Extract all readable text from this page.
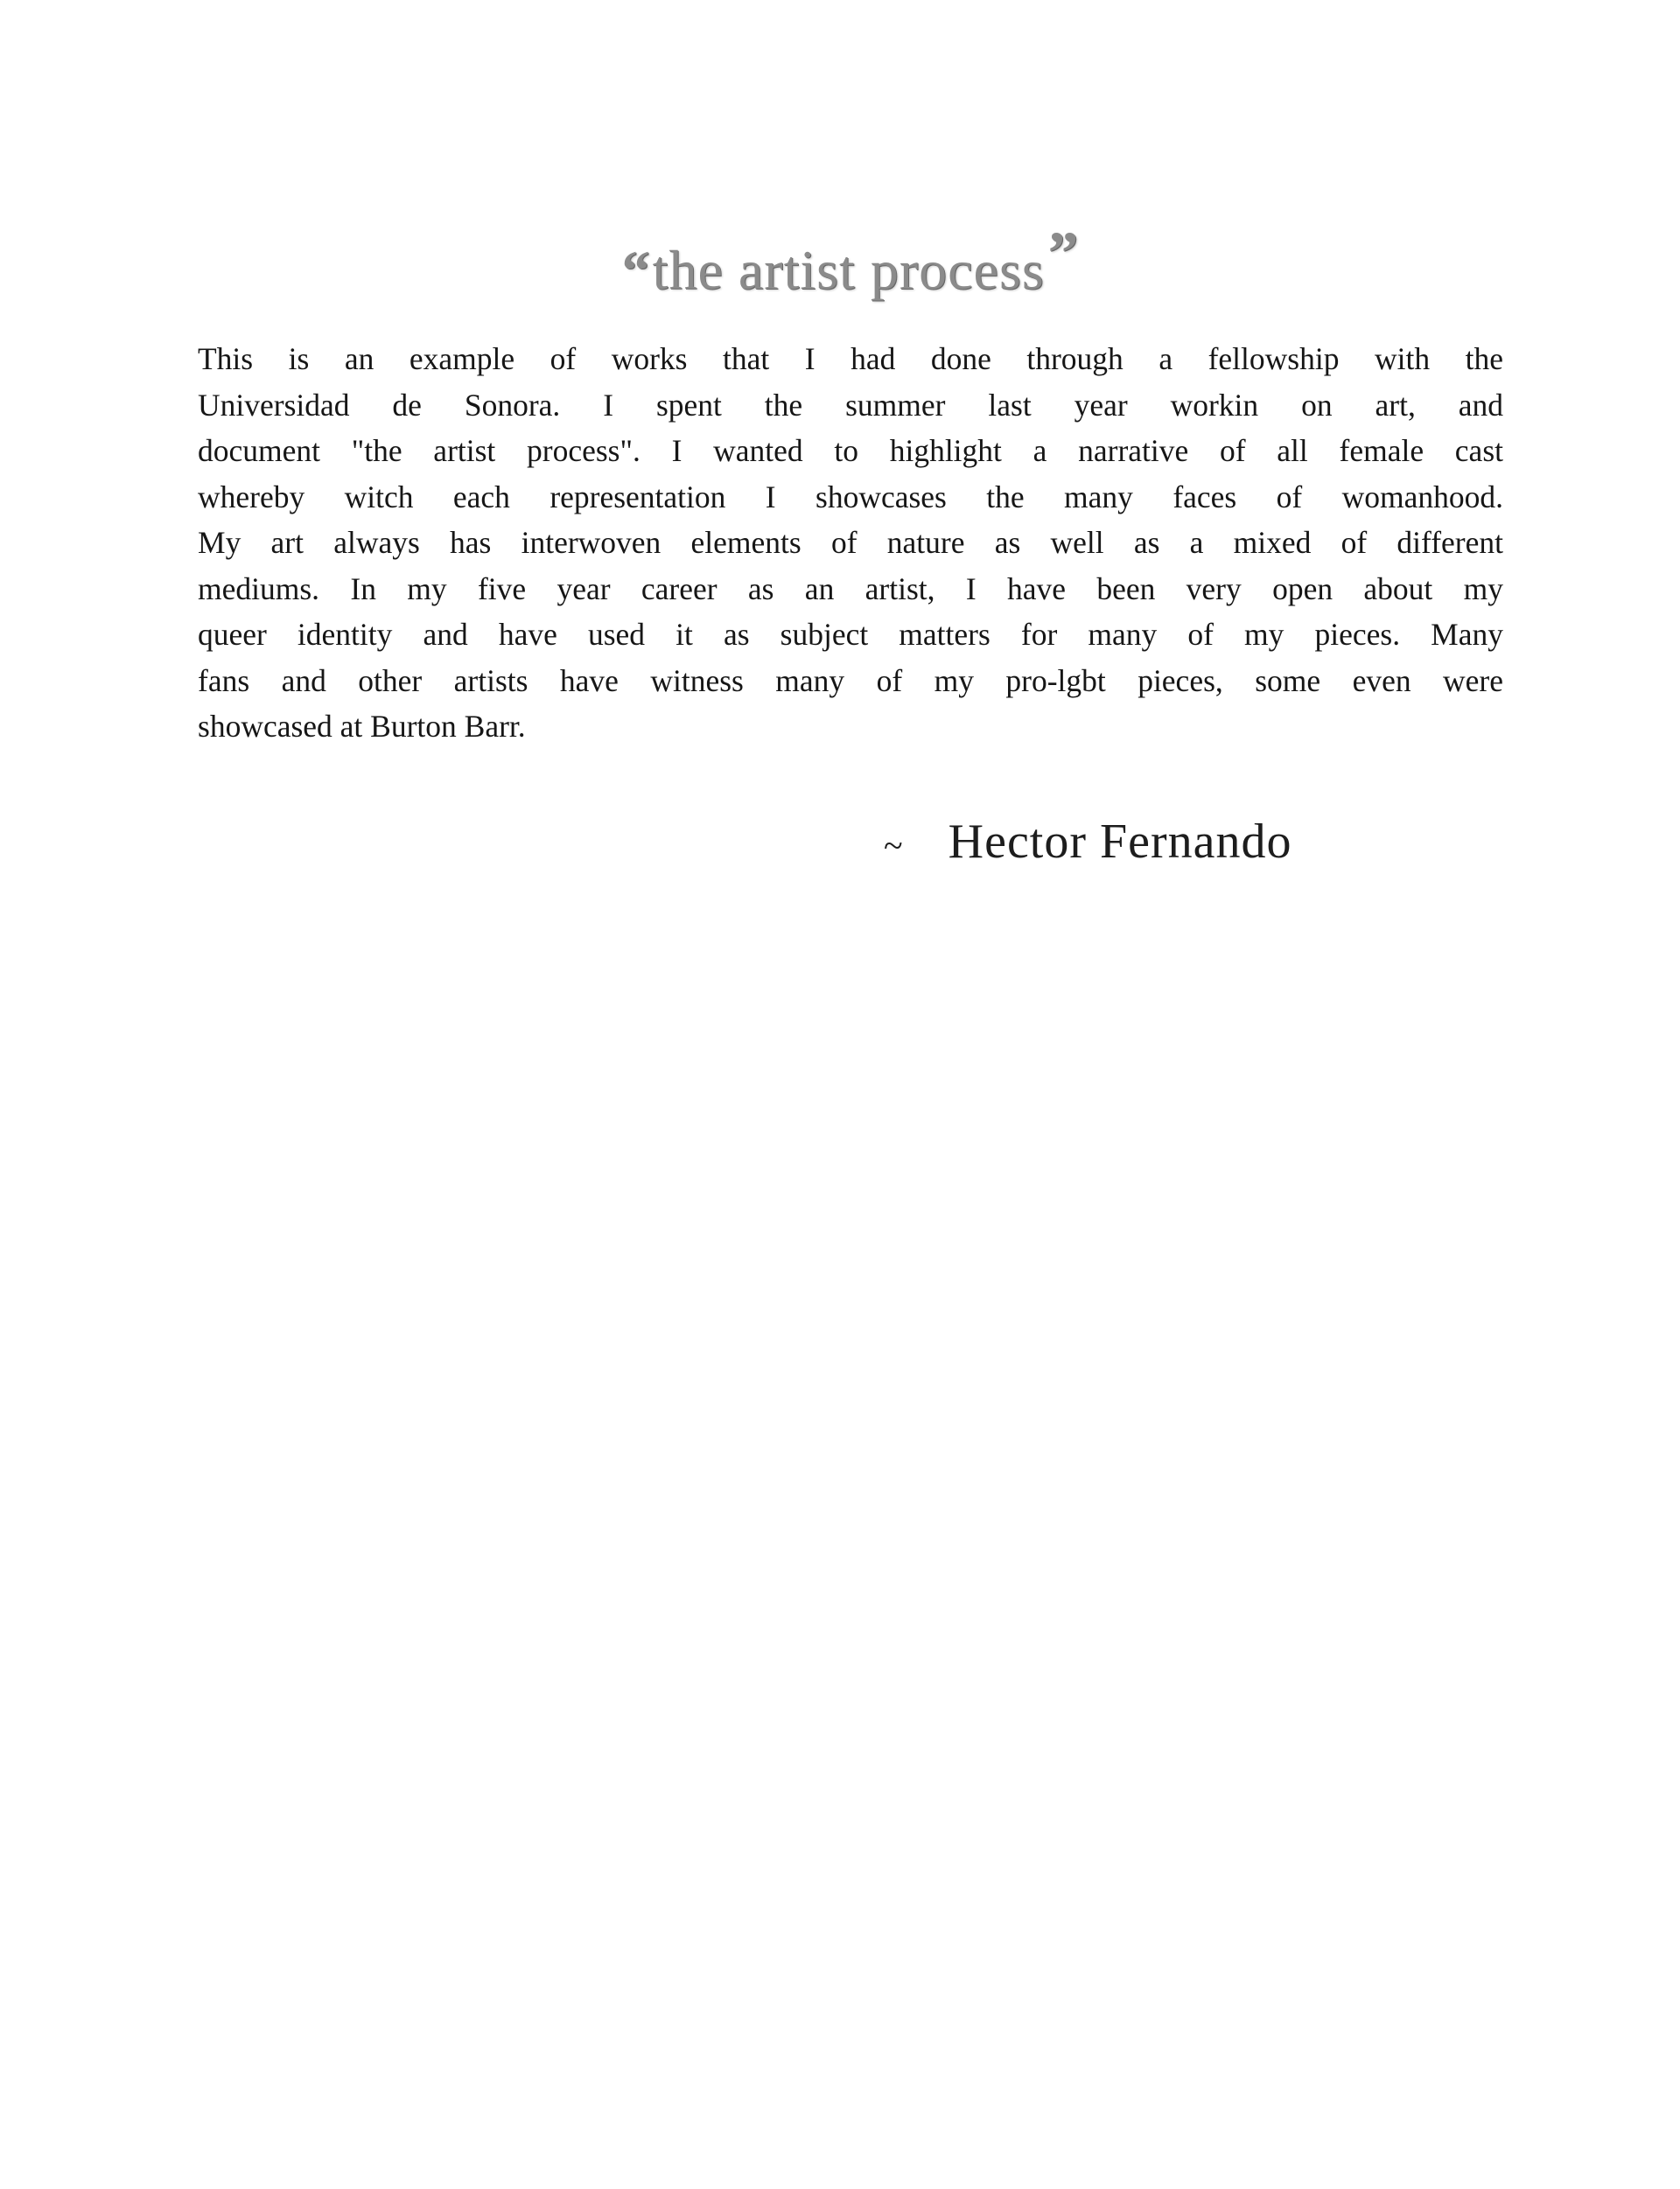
“the artist process”
This is an example of works that I had done through a fellowship with the
Universidad de Sonora. I spent the summer last year workin on art, and
document "the artist process". I wanted to highlight a narrative of all female cast
whereby witch each representation I showcases the many faces of womanhood.
My art always has interwoven elements of nature as well as a mixed of different
mediums. In my five year career as an artist, I have been very open about my
queer identity and have used it as subject matters for many of my pieces. Many
fans and other artists have witness many of my pro-lgbt pieces, some even were
showcased at Burton Barr.
~ Hector Fernando
